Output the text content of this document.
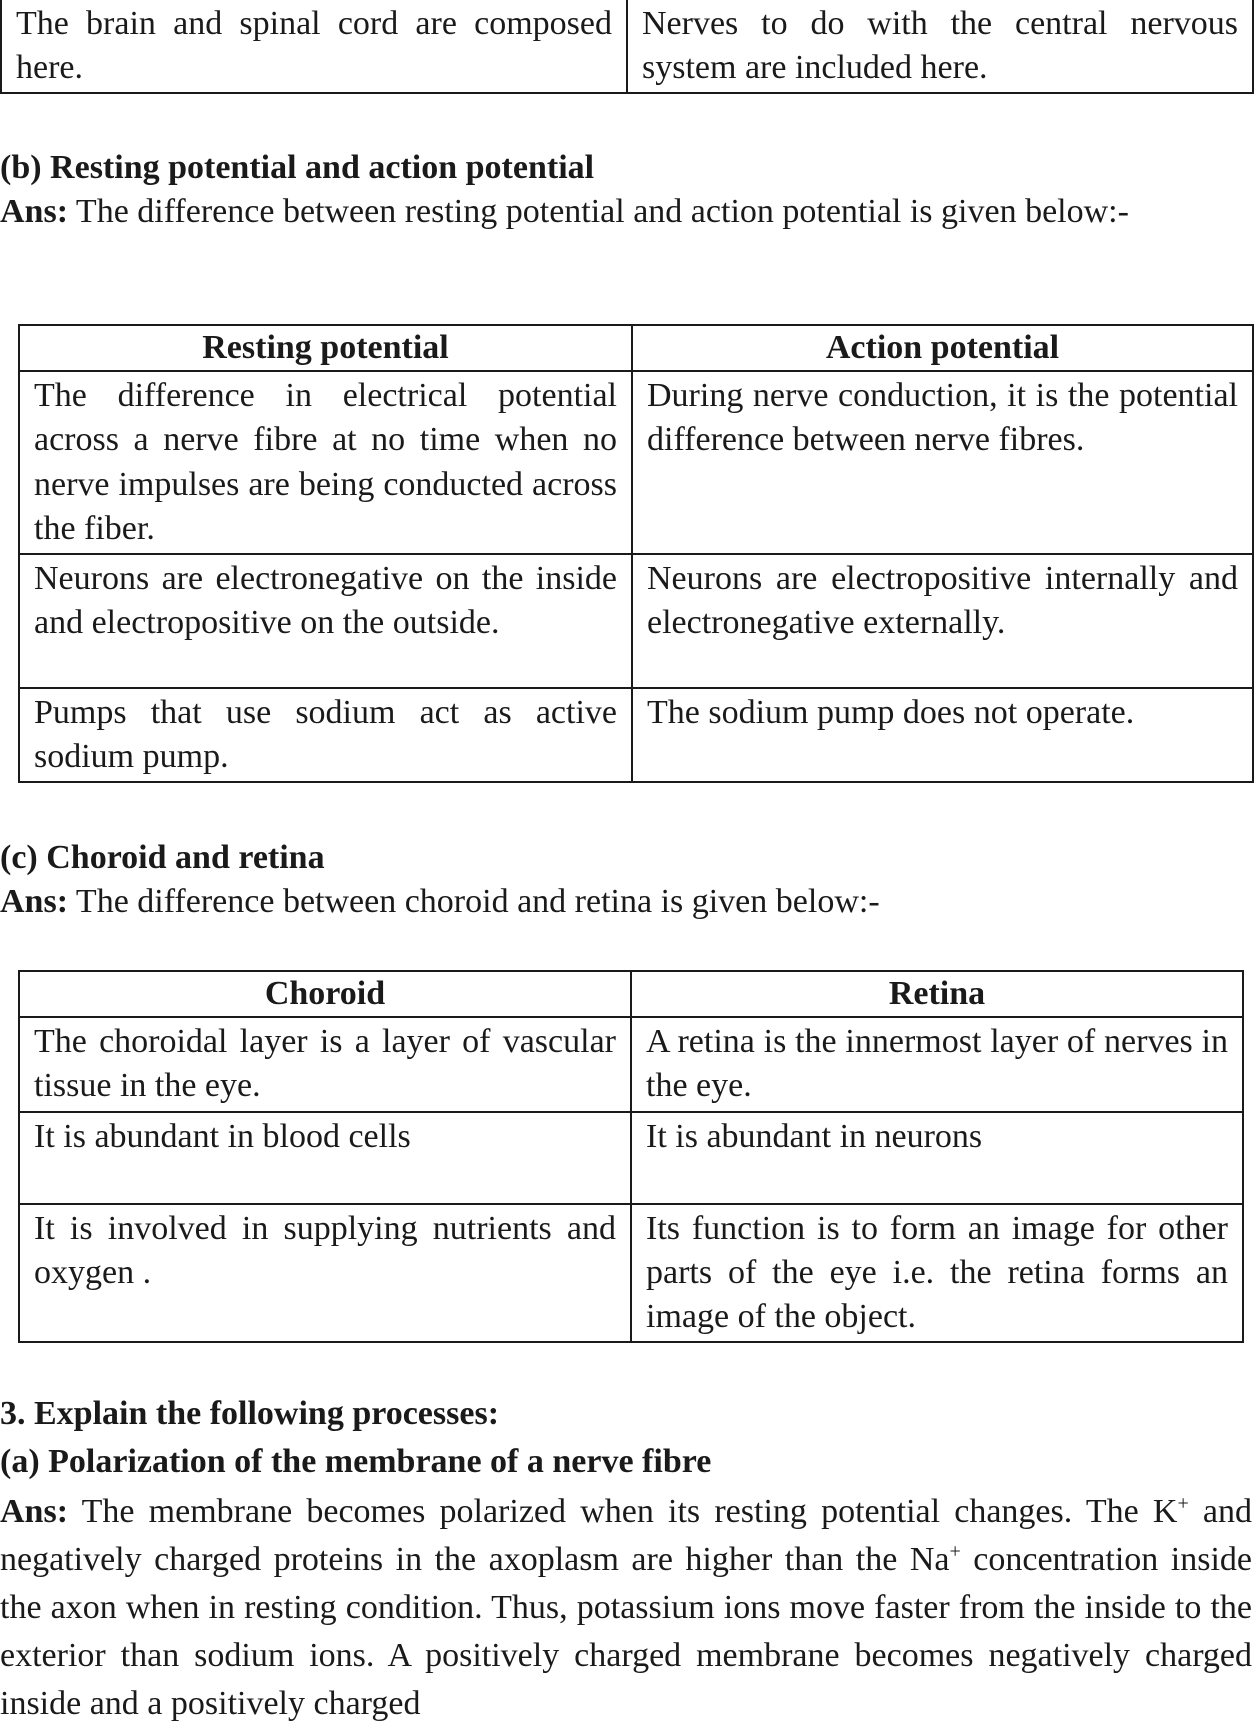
The brain and spinal cord are composed here.	Nerves to do with the central nervous system are included here.
(b) Resting potential and action potential
Ans: The difference between resting potential and action potential is given below:-
Resting potential	Action potential
The difference in electrical potential across a nerve fibre at no time when no nerve impulses are being conducted across the fiber.	During nerve conduction, it is the potential difference between nerve fibres.
Neurons are electronegative on the inside and electropositive on the outside.	Neurons are electropositive internally and electronegative externally.
Pumps that use sodium act as active sodium pump.	The sodium pump does not operate.
(c) Choroid and retina
Ans: The difference between choroid and retina is given below:-
Choroid	Retina
The choroidal layer is a layer of vascular tissue in the eye.	A retina is the innermost layer of nerves in the eye.
It is abundant in blood cells	It is abundant in neurons
It is involved in supplying nutrients and oxygen .	Its function is to form an image for other parts of the eye i.e. the retina forms an image of the object.
3. Explain the following processes:
(a) Polarization of the membrane of a nerve fibre
Ans: The membrane becomes polarized when its resting potential changes. The K+ and negatively charged proteins in the axoplasm are higher than the Na+ concentration inside the axon when in resting condition. Thus, potassium ions move faster from the inside to the exterior than sodium ions. A positively charged membrane becomes negatively charged inside and a positively charged
